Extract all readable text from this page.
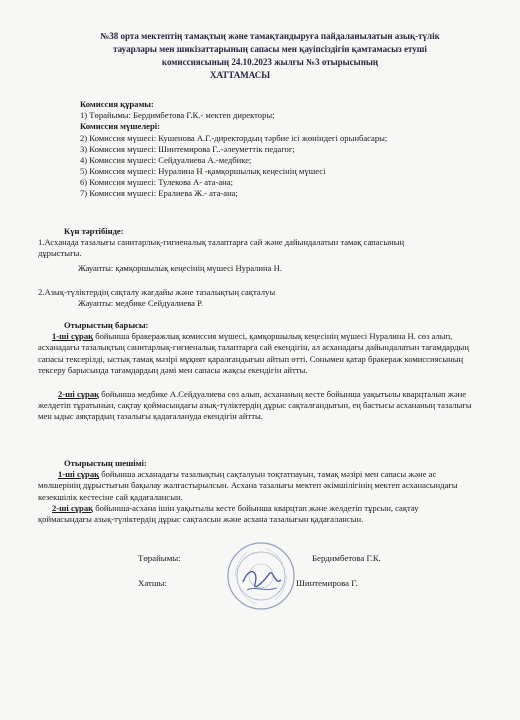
№38 орта мектептің тамақтың және тамақтандыруға пайдаланылатын азық-түлік
тауарлары мен шикізаттарының сапасы мен қауіпсіздігін қамтамасыз етуші
комиссиясының 24.10.2023 жылғы №3 отырысының
ХАТТАМАСЫ
Комиссия құрамы:
1) Төрайымы: Бердимбетова Г.К.- мектеп директоры;
Комиссия мүшелері:
2) Комиссия мүшесі: Кушенова А.Г.-директордың тәрбие ісі жөніндегі орынбасары;
3) Комиссия мүшесі: Шинтемирова Г..-әлеуметтік педагог;
4) Комиссия мүшесі: Сейдуалиева А.-медбике;
5) Комиссия мүшесі: Нуралина Н -қамқоршылық кеңесінің мүшесі
6) Комиссия мүшесі: Тулекова А- ата-ана;
7) Комиссия мүшесі: Ералиева Ж.- ата-ана;
Күн тәртібінде:
1.Асханада тазалығы санитарлық-гигиеналық талаптарға сай және дайындалатын тамақ сапасының
дұрыстығы.
Жауапты: қамқоршылық кеңесінің мүшесі Нуралина Н.
2.Азық-түліктердің сақталу жағдайы және тазалықтың сақталуы
Жауапты: медбике Сейдуалиева Р.
Отырыстың барысы:
1-ші сұрақ бойынша бракеражлық комиссия мүшесі, қамқоршылық кеңесінің мүшесі Нуралина Н. сөз алып, асханадағы тазалықтың санитарлық-гигиеналық талаптарға сай екендігін, ал асханадағы дайындалатын тағамдардың сапасы тексерілді, ыстық тамақ мәзірі мұқият қаралғандығын айтып өтті. Сонымен қатар бракераж комиссиясының тексеру барысында тағамдардың дәмі мен сапасы жақсы екендігін айтты.
2-ші сұрақ бойынша медбике А.Сейдуалиева сөз алып, асхананың кесте бойынша уақытылы кварцталып және желдетіп тұратынын, сақтау қоймасындағы азық-түліктердің дұрыс сақталғандығын, ең бастысы асхананың тазалығы мен ыдыс аяқтардың тазалығы қадағаланудa екендігін айтты.
Отырыстың шешімі:
1-ші сұрақ бойынша асханадағы тазалықтың сақталуын тоқтатпауын, тамақ мәзірі мен сапасы және ас мөлшерінің дұрыстығын бақылау жалғастырылсын. Асхана тазалығы мектеп әкімшілігінің мектеп асханасындағы кезекшілік кестесіне сай қадағалансын.
2-ші сұрақ бойынша-асхана ішін уақытылы кесте бойынша кварцтап және желдетіп тұрсын, сақтау қоймасындағы азық-түліктердің дұрыс сақталсын және асхана тазалығын қадағалансын.
Төрайымы:	Бердимбетова Г.К.
Хатшы:	Шинтемирова Г.
